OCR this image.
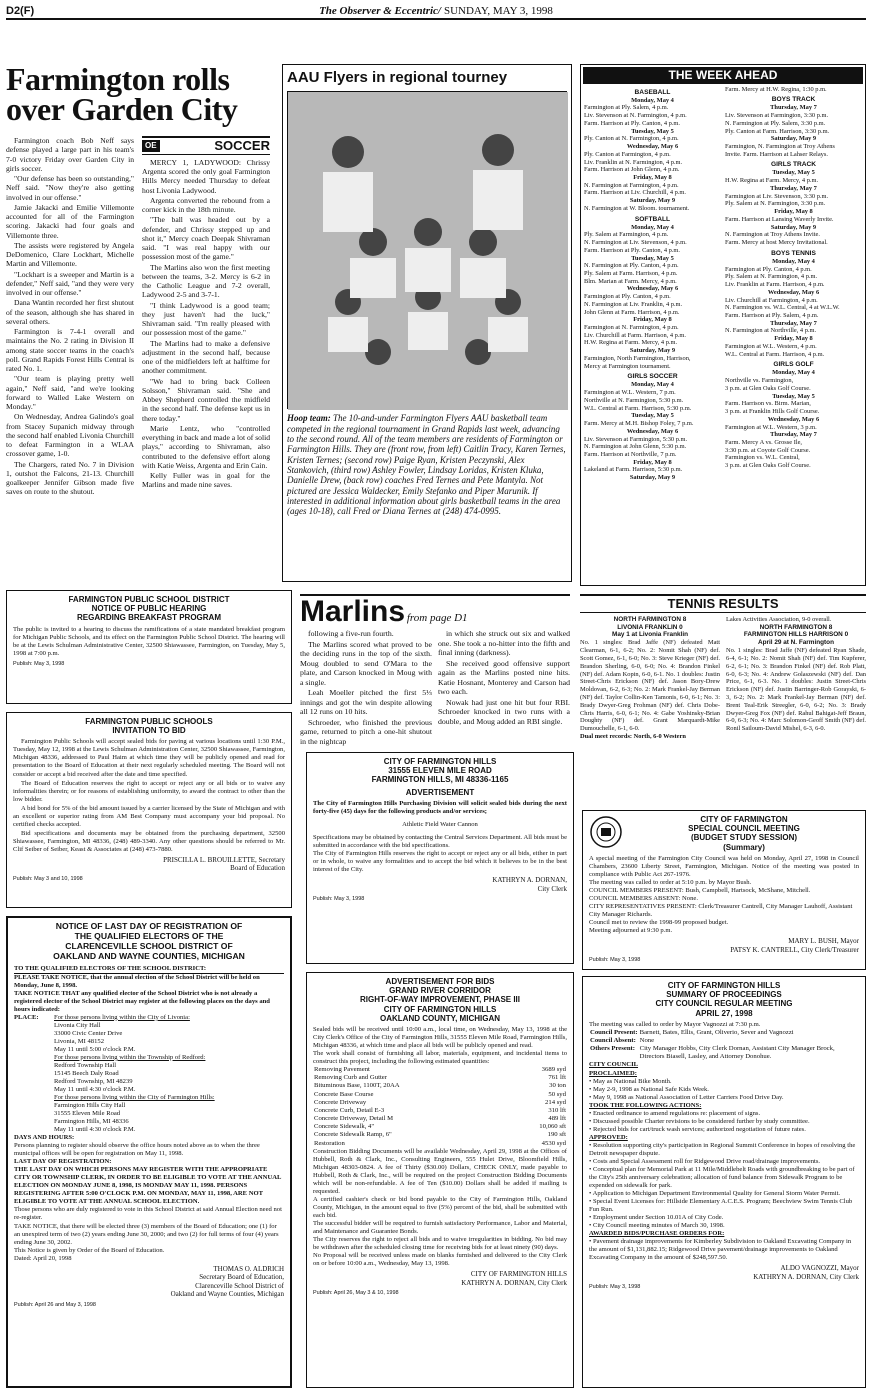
D2(F)	The Observer & Eccentric/ SUNDAY, MAY 3, 1998
Farmington rolls over Garden City

Farmington coach Bob Neff says defense played a large part in his team's 7-0 victory Friday over Garden City in girls soccer.

"Our defense has been so outstanding," Neff said. "Now they're also getting involved in our offense."

Jamie Jakacki and Emilie Villemonte accounted for all of the Farmington scoring. Jakacki had four goals and Villemonte three.

The assists were registered by Angela DeDomenico, Clare Lockhart, Michelle Martin and Villemonte.

"Lockhart is a sweeper and Martin is a defender," Neff said, "and they were very involved in our offense."

Dana Wantin recorded her first shutout of the season, although she has shared in several others.

Farmington is 7-4-1 overall and maintains the No. 2 rating in Division II among state soccer teams in the coach's poll. Grand Rapids Forest Hills Central is rated No. 1.

"Our team is playing pretty well again," Neff said, "and we're looking forward to Walled Lake Western on Monday."

On Wednesday, Andrea Galindo's goal from Stacey Supanich midway through the second half enabled Livonia Churchill to defeat Farmington in a WLAA crossover game, 1-0.

The Chargers, rated No. 7 in Division 1, outshot the Falcons, 21-13. Churchill goalkeeper Jennifer Gibson made five saves on route to the shutout.

OE	SOCCER

MERCY 1, LADYWOOD: Chrissy Argenta scored the only goal Farmington Hills Mercy needed Thursday to defeat host Livonia Ladywood.

Argenta converted the rebound from a corner kick in the 18th minute.

"The ball was headed out by a defender, and Chrissy stepped up and shot it," Mercy coach Deepak Shivraman said. "I was real happy with our possession most of the game."

The Marlins also won the first meeting between the teams, 3-2. Mercy is 6-2 in the Catholic League and 7-2 overall, Ladywood 2-5 and 3-7-1.

"I think Ladywood is a good team; they just haven't had the luck," Shivraman said. "I'm really pleased with our possession most of the game."

The Marlins had to make a defensive adjustment in the second half, because one of the midfielders left at halftime for another commitment.

"We had to bring back Colleen Solsson," Shivraman said. "She and Abbey Shepherd controlled the midfield in the second half. The defense kept us in there today."

Marie Lentz, who "controlled everything in back and made a lot of solid plays," according to Shivraman, also contributed to the defensive effort along with Katie Weiss, Argenta and Erin Cain.

Kelly Fuller was in goal for the Marlins and made nine saves.

AAU Flyers in regional tourney
Hoop team: The 10-and-under Farmington Flyers AAU basketball team competed in the regional tournament in Grand Rapids last week, advancing to the second round. All of the team members are residents of Farmington or Farmington Hills. They are (front row, from left) Caitlin Tracy, Karen Ternes, Kristen Ternes; (second row) Paige Ryan, Kristen Peczynski, Alex Stankovich, (third row) Ashley Fowler, Lindsay Loridas, Kristen Kluka, Danielle Drew, (back row) coaches Fred Ternes and Pete Mantyla. Not pictured are Jessica Waldecker, Emily Stefanko and Piper Marunik. If interested in additional information about girls basketball teams in the area (ages 10-18), call Fred or Diana Ternes at (248) 474-0995.
THE WEEK AHEAD
BASEBALL
Monday, May 4
Farmington at Ply. Salem, 4 p.m.
Liv. Stevenson at N. Farmington, 4 p.m.
Farm. Harrison at Ply. Canton, 4 p.m.
Tuesday, May 5
Ply. Canton at N. Farmington, 4 p.m.
Wednesday, May 6
Ply. Canton at Farmington, 4 p.m.
Liv. Franklin at N. Farmington, 4 p.m.
Farm. Harrison at John Glenn, 4 p.m.
Friday, May 8
N. Farmington at Farmington, 4 p.m.
Farm. Harrison at Liv. Churchill, 4 p.m.
Saturday, May 9
N. Farmington at W. Bloom. tournament.
SOFTBALL
Monday, May 4
Ply. Salem at Farmington, 4 p.m.
N. Farmington at Liv. Stevenson, 4 p.m.
Farm. Harrison at Ply. Canton, 4 p.m.
Tuesday, May 5
N. Farmington at Ply. Canton, 4 p.m.
Ply. Salem at Farm. Harrison, 4 p.m.
Blm. Marian at Farm. Mercy, 4 p.m.
Wednesday, May 6
Farmington at Ply. Canton, 4 p.m.
N. Farmington at Liv. Franklin, 4 p.m.
John Glenn at Farm. Harrison, 4 p.m.
Friday, May 8
Farmington at N. Farmington, 4 p.m.
Liv. Churchill at Farm. Harrison, 4 p.m.
H.W. Regina at Farm. Mercy, 4 p.m.
Saturday, May 9
Farmington, North Farmington, Harrison,
Mercy at Farmington tournament.
GIRLS SOCCER
Monday, May 4
Farmington at W.L. Western, 7 p.m.
Northville at N. Farmington, 5:30 p.m.
W.L. Central at Farm. Harrison, 5:30 p.m.
Tuesday, May 5
Farm. Mercy at M.H. Bishop Foley, 7 p.m.
Wednesday, May 6
Liv. Stevenson at Farmington, 5:30 p.m.
N. Farmington at John Glenn, 5:30 p.m.
Farm. Harrison at Northville, 7 p.m.
Friday, May 8
Lakeland at Farm. Harrison, 5:30 p.m.
Saturday, May 9
Farm. Mercy at H.W. Regina, 1:30 p.m.
BOYS TRACK
Thursday, May 7
Liv. Stevenson at Farmington, 3:30 p.m.
N. Farmington at Ply. Salem, 3:30 p.m.
Ply. Canton at Farm. Harrison, 3:30 p.m.
Saturday, May 9
Farmington, N. Farmington at Troy Athens
Invite. Farm. Harrison at Lahser Relays.
GIRLS TRACK
Tuesday, May 5
H.W. Regina at Farm. Mercy, 4 p.m.
Thursday, May 7
Farmington at Liv. Stevenson, 3:30 p.m.
Ply. Salem at N. Farmington, 3:30 p.m.
Friday, May 8
Farm. Harrison at Lansing Waverly Invite.
Saturday, May 9
N. Farmington at Troy Athens Invite.
Farm. Mercy at host Mercy Invitational.
BOYS TENNIS
Monday, May 4
Farmington at Ply. Canton, 4 p.m.
Ply. Salem at N. Farmington, 4 p.m.
Liv. Franklin at Farm. Harrison, 4 p.m.
Wednesday, May 6
Liv. Churchill at Farmington, 4 p.m.
N. Farmington vs. W.L. Central, 4 at W.L.W.
Farm. Harrison at Ply. Salem, 4 p.m.
Thursday, May 7
N. Farmington at Northville, 4 p.m.
Friday, May 8
Farmington at W.L. Western, 4 p.m.
W.L. Central at Farm. Harrison, 4 p.m.
GIRLS GOLF
Monday, May 4
Northville vs. Farmington,
3 p.m. at Glen Oaks Golf Course.
Tuesday, May 5
Farm. Harrison vs. Birm. Marian,
3 p.m. at Franklin Hills Golf Course.
Wednesday, May 6
Farmington at W.L. Western, 3 p.m.
Thursday, May 7
Farm. Mercy A vs. Grosse Ile,
3:30 p.m. at Coyote Golf Course.
Farmington vs. W.L. Central,
3 p.m. at Glen Oaks Golf Course.
FARMINGTON PUBLIC SCHOOL DISTRICT
NOTICE OF PUBLIC HEARING
REGARDING BREAKFAST PROGRAM
The public is invited to a hearing to discuss the ramifications of a state mandated breakfast program for Michigan Public Schools, and its effect on the Farmington Public School District. The hearing will be at the Lewis Schulman Administrative Center, 32500 Shiawassee, Farmington, on Tuesday, May 5, 1998 at 7:00 p.m.
Publish: May 3, 1998
FARMINGTON PUBLIC SCHOOLS
INVITATION TO BID

Farmington Public Schools will accept sealed bids for paving at various locations until 1:30 P.M., Tuesday, May 12, 1998 at the Lewis Schulman Administration Center, 32500 Shiawassee, Farmington, Michigan 48336, addressed to Paul Haim at which time they will be publicly opened and read for presentation to the Board of Education at their next regularly scheduled meeting. The Board will not consider or accept a bid received after the date and time specified.

The Board of Education reserves the right to accept or reject any or all bids or to waive any informalities therein; or for reasons of establishing uniformity, to award the contract to other than the low bidder.

A bid bond for 5% of the bid amount issued by a carrier licensed by the State of Michigan and with an excellent or superior rating from AM Best Company must accompany your bid proposal. No certified checks accepted.

Bid specifications and documents may be obtained from the purchasing department, 32500 Shiawassee, Farmington, MI 48336, (248) 489-3340. Any other questions should be referred to Mr. Clif Seiber of Seiber, Keast & Associates at (248) 473-7880.

PRISCILLA L. BROUILLETTE, Secretary
Board of Education
Publish: May 3 and 10, 1998
NOTICE OF LAST DAY OF REGISTRATION OF
THE QUALIFIED ELECTORS OF THE
CLARENCEVILLE SCHOOL DISTRICT OF
OAKLAND AND WAYNE COUNTIES, MICHIGAN
TO THE QUALIFIED ELECTORS OF THE SCHOOL DISTRICT:
PLEASE TAKE NOTICE, that the annual election of the School District will be held on Monday, June 8, 1998.
TAKE NOTICE THAT any qualified elector of the School District who is not already a registered elector of the School District may register at the following places on the days and hours indicated:
PLACE:	For those persons living within the City of Livonia:
Livonia City Hall
33000 Civic Center Drive
Livonia, MI 48152
May 11 until 5:00 o'clock P.M.
For those persons living within the Township of Redford:
Redford Township Hall
15145 Beech Daly Road
Redford Township, MI 48239
May 11 until 4:30 o'clock P.M.
For those persons living within the City of Farmington Hills:
Farmington Hills City Hall
31555 Eleven Mile Road
Farmington Hills, MI 48336
May 11 until 4:30 o'clock P.M.
DAYS AND HOURS:
Persons planning to register should observe the office hours noted above as to when the three municipal offices will be open for registration on May 11, 1998.
LAST DAY OF REGISTRATION:
THE LAST DAY ON WHICH PERSONS MAY REGISTER WITH THE APPROPRIATE CITY OR TOWNSHIP CLERK, IN ORDER TO BE ELIGIBLE TO VOTE AT THE ANNUAL ELECTION ON MONDAY JUNE 8, 1998, IS MONDAY MAY 11, 1998. PERSONS REGISTERING AFTER 5:00 O'CLOCK P.M. ON MONDAY, MAY 11, 1998, ARE NOT ELIGIBLE TO VOTE AT THE ANNUAL SCHOOL ELECTION.
Those persons who are duly registered to vote in this School District at said Annual Election need not re-register.
TAKE NOTICE, that there will be elected three (3) members of the Board of Education; one (1) for an unexpired term of two (2) years ending June 30, 2000; and two (2) for full terms of four (4) years ending June 30, 2002.
This Notice is given by Order of the Board of Education.
Dated: April 20, 1998
THOMAS O. ALDRICH
Secretary Board of Education,
Clarenceville School District of
Oakland and Wayne Counties, Michigan
Publish: April 26 and May 3, 1998
Marlins from page D1

following a five-run fourth.

The Marlins scored what proved to be the deciding runs in the top of the sixth. Moug doubled to send O'Mara to the plate, and Carson knocked in Moug with a single.

Leah Moeller pitched the first 5⅓ innings and got the win despite allowing all 12 runs on 10 hits.

Schroeder, who finished the previous game, returned to pitch a one-hit shutout in the nightcap

in which she struck out six and walked one. She took a no-hitter into the fifth and final inning (darkness).

She received good offensive support again as the Marlins posted nine hits. Katie Hosnant, Monterey and Carson had two each.

Nowak had just one hit but four RBI. Schroeder knocked in two runs with a double, and Moug added an RBI single.

TENNIS RESULTS
NORTH FARMINGTON 8
LIVONIA FRANKLIN 0
May 1 at Livonia Franklin
No. 1 singles: Brad Jaffe (NF) defeated Matt Clearman, 6-1, 6-2; No. 2: Nomit Shah (NF) def. Scott Gomez, 6-1, 6-0; No. 3: Steve Krieger (NF) def. Brandon Sherling, 6-0, 6-0; No. 4: Brandon Finkel (NF) def. Adam Kopin, 6-0, 6-1. No. 1 doubles: Justin Street-Chris Erickson (NF) def. Jason Bory-Drew Moldovan, 6-2, 6-3; No. 2: Mark Frankel-Jay Berman (NF) def. Taylor Collin-Ken Tamonis, 6-0, 6-1; No. 3: Brady Dwyer-Greg Frohman (NF) def. Chris Dobe-Chris Harris, 6-0, 6-1; No. 4: Gabe Yoshinsky-Brian Doughty (NF) def. Grant Marquardt-Mike Dumouchelle, 6-1, 6-0.
Dual meet records: North, 6-0 Western
Lakes Activities Association, 9-0 overall.
NORTH FARMINGTON 8
FARMINGTON HILLS HARRISON 0
April 29 at N. Farmington
No. 1 singles: Brad Jaffe (NF) defeated Ryan Shade, 6-4, 6-1; No. 2: Nomit Shah (NF) def. Tim Kupferer, 6-2, 6-1; No. 3: Brandon Finkel (NF) def. Rob Platt, 6-0, 6-3; No. 4: Andrew Golaszewski (NF) def. Dan Price, 6-1, 6-3. No. 1 doubles: Justin Street-Chris Erickson (NF) def. Justin Barringer-Rob Gorayski, 6-3, 6-2; No. 2: Mark Frankel-Jay Berman (NF) def. Brent Teal-Erik Streegler, 6-0, 6-2; No. 3: Brady Dwyer-Greg Fox (NF) def. Rahul Bahigat-Jeff Braun, 6-0, 6-3; No. 4: Marc Solomon-Geoff Smith (NF) def. Ronil Sailoum-David Mishel, 6-3, 6-0.
CITY OF FARMINGTON HILLS
31555 ELEVEN MILE ROAD
FARMINGTON HILLS, MI 48336-1165
ADVERTISEMENT
The City of Farmington Hills Purchasing Division will solicit sealed bids during the next forty-five (45) days for the following products and/or services;
Athletic Field Water Cannon
Specifications may be obtained by contacting the Central Services Department. All bids must be submitted in accordance with the bid specifications.
The City of Farmington Hills reserves the right to accept or reject any or all bids, either in part or in whole, to waive any formalities and to accept the bid which it believes to be in the best interest of the City.
KATHRYN A. DORNAN,
City Clerk
Publish: May 3, 1998
CITY OF FARMINGTON
SPECIAL COUNCIL MEETING
(BUDGET STUDY SESSION)
(Summary)
A special meeting of the Farmington City Council was held on Monday, April 27, 1998 in Council Chambers, 23600 Liberty Street, Farmington, Michigan. Notice of the meeting was posted in compliance with Public Act 267-1976.
The meeting was called to order at 5:10 p.m. by Mayor Bush.
COUNCIL MEMBERS PRESENT: Bush, Campbell, Hartsock, McShane, Mitchell.
COUNCIL MEMBERS ABSENT: None.
CITY REPRESENTATIVES PRESENT: Clerk/Treasurer Cantrell, City Manager Lauhoff, Assistant City Manager Richards.
Council met to review the 1998-99 proposed budget.
Meeting adjourned at 9:30 p.m.
MARY L. BUSH, Mayor
PATSY K. CANTRELL, City Clerk/Treasurer
Publish: May 3, 1998
ADVERTISEMENT FOR BIDS
GRAND RIVER CORRIDOR
RIGHT-OF-WAY IMPROVEMENT, PHASE III
CITY OF FARMINGTON HILLS
OAKLAND COUNTY, MICHIGAN
Sealed bids will be received until 10:00 a.m., local time, on Wednesday, May 13, 1998 at the City Clerk's Office of the City of Farmington Hills, 31555 Eleven Mile Road, Farmington Hills, Michigan 48336, at which time and place all bids will be publicly opened and read.
The work shall consist of furnishing all labor, materials, equipment, and incidental items to construct this project, including the following estimated quantities:
Removing Pavement	3689 syd
Removing Curb and Gutter	761 lft
Bituminous Base, 1100T, 20AA	30 ton
Concrete Base Course	50 syd
Concrete Driveway	214 syd
Concrete Curb, Detail E-3	310 lft
Concrete Driveway, Detail M	489 lft
Concrete Sidewalk, 4"	10,060 sft
Concrete Sidewalk Ramp, 6"	190 sft
Restoration	4530 syd
Construction Bidding Documents will be available Wednesday, April 29, 1998 at the Offices of Hubbell, Roth & Clark, Inc., Consulting Engineers, 555 Hulet Drive, Bloomfield Hills, Michigan 48303-0824. A fee of Thirty ($30.00) Dollars, CHECK ONLY, made payable to Hubbell, Roth & Clark, Inc., will be required on the project Construction Bidding Documents which will be non-refundable. A fee of Ten ($10.00) Dollars shall be added if mailing is requested.
A certified cashier's check or bid bond payable to the City of Farmington Hills, Oakland County, Michigan, in the amount equal to five (5%) percent of the bid, shall be submitted with each bid.
The successful bidder will be required to furnish satisfactory Performance, Labor and Material, and Maintenance and Guarantee Bonds.
The City reserves the right to reject all bids and to waive irregularities in bidding. No bid may be withdrawn after the scheduled closing time for receiving bids for at least ninety (90) days.
No Proposal will be received unless made on blanks furnished and delivered to the City Clerk on or before 10:00 a.m., Wednesday, May 13, 1998.
CITY OF FARMINGTON HILLS
KATHRYN A. DORNAN, City Clerk
Publish: April 26, May 3 & 10, 1998
CITY OF FARMINGTON HILLS
SUMMARY OF PROCEEDINGS
CITY COUNCIL REGULAR MEETING
APRIL 27, 1998
The meeting was called to order by Mayor Vagnozzi at 7:30 p.m.
Council Present:	Barnett, Bates, Ellis, Grant, Oliverio, Sever and Vagnozzi
Council Absent:	None
Others Present:	City Manager Hobbs, City Clerk Dornan, Assistant City Manager Brock, Directors Biasell, Lasley, and Attorney Donohue.
CITY COUNCIL
PROCLAIMED:
• May as National Bike Month.
• May 2-9, 1998 as National Safe Kids Week.
• May 9, 1998 as National Association of Letter Carriers Food Drive Day.
TOOK THE FOLLOWING ACTIONS:
• Enacted ordinance to amend regulations re: placement of signs.
• Discussed possible Charter revisions to be considered further by study committee.
• Rejected bids for cart/truck wash services; authorized negotiation of future rates.
APPROVED:
• Resolution supporting city's participation in Regional Summit Conference in hopes of resolving the Detroit newspaper dispute.
• Costs and Special Assessment roll for Ridgewood Drive road/drainage improvements.
• Conceptual plan for Memorial Park at 11 Mile/Middlebelt Roads with groundbreaking to be part of the City's 25th anniversary celebration; allocation of fund balance from Sidewalk Program to be expended on sidewalk for park.
• Application to Michigan Department Environmental Quality for General Storm Water Permit.
• Special Event Licenses for: Hillside Elementary A.C.E.S. Program; Beechview Swim Tennis Club Fun Run.
• Employment under Section 10.01A of City Code.
• City Council meeting minutes of March 30, 1998.
AWARDED BIDS/PURCHASE ORDERS FOR:
• Pavement drainage improvements for Kimberley Subdivision to Oakland Excavating Company in the amount of $1,131,882.15; Ridgewood Drive pavement/drainage improvements to Oakland Excavating Company in the amount of $248,597.50.
ALDO VAGNOZZI, Mayor
KATHRYN A. DORNAN, City Clerk
Publish: May 3, 1998
